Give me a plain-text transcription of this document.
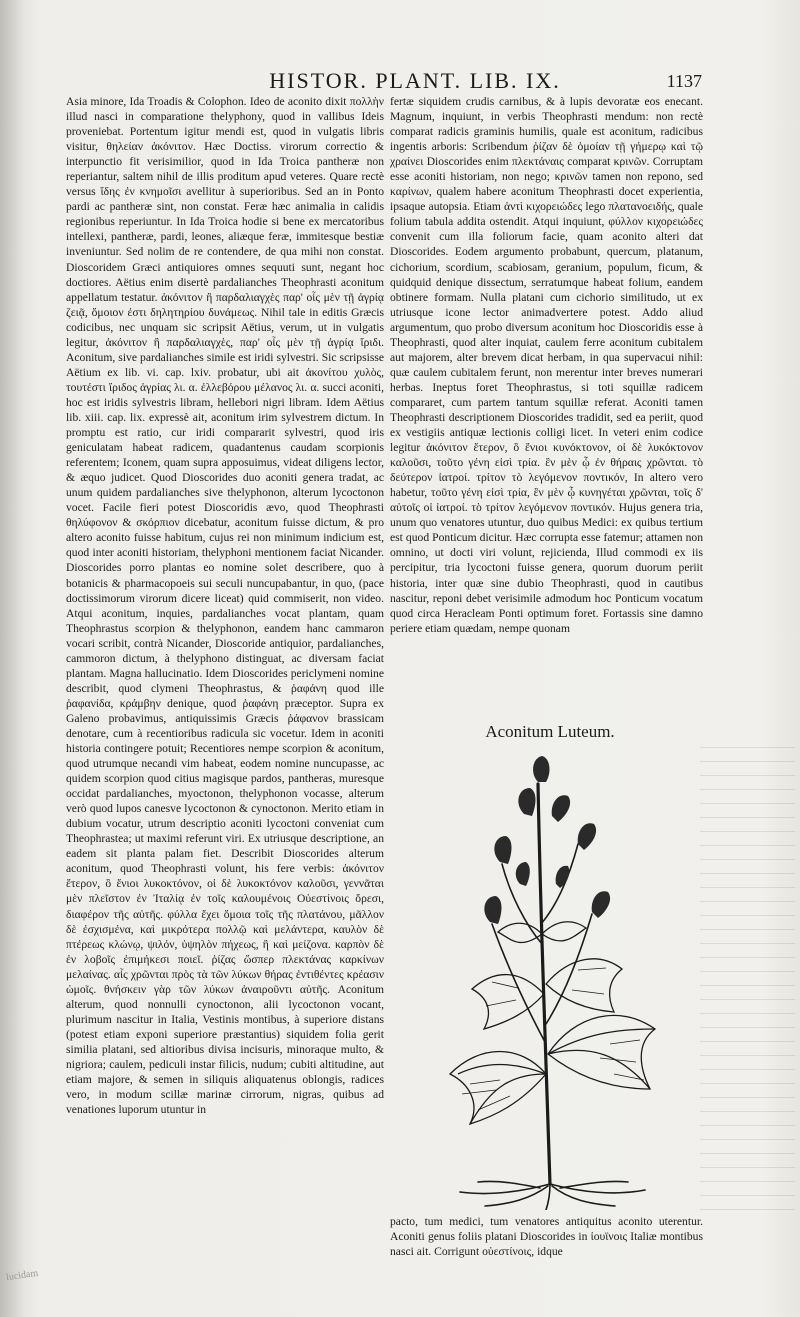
HISTOR. PLANT. LIB. IX.	1137

Asia minore, Ida Troadis & Colophon. Ideo de aconito dixit πολλὴν illud nasci in comparatione thelyphony, quod in vallibus Ideis proveniebat. Portentum igitur mendi est, quod in vulgatis libris visitur, θηλείαν ἀκόνιτον. Hæc Doctiss. virorum correctio & interpunctio fit verisimilior, quod in Ida Troica pantheræ non reperiantur, saltem nihil de illis proditum apud veteres. Quare rectè versus ἴδης ἐν κνημοῖσι avellitur à superioribus. Sed an in Ponto pardi ac pantheræ sint, non constat. Feræ hæc animalia in calidis regionibus reperiuntur. In Ida Troica hodie si bene ex mercatoribus intellexi, pantheræ, pardi, leones, aliæque feræ, immitesque bestiæ inveniuntur. Sed nolim de re contendere, de qua mihi non constat. Dioscoridem Græci antiquiores omnes sequuti sunt, negant hoc doctiores. Aëtius enim disertè pardalianches Theophrasti aconitum appellatum testatur. ἀκόνιτον ἢ παρδαλιαγχὲς παρ' οἷς μὲν τῇ ἀγρίᾳ ζειᾷ, ὅμοιον ἐστι δηλητηρίου δυνάμεως. Nihil tale in editis Græcis codicibus, nec unquam sic scripsit Aëtius, verum, ut in vulgatis legitur, ἀκόνιτον ἢ παρδαλιαγχὲς, παρ' οἷς μὲν τῇ ἀγρίᾳ ἴριδι. Aconitum, sive pardalianches simile est iridi sylvestri. Sic scripsisse Aëtium ex lib. vi. cap. lxiv. probatur, ubi ait ἀκονίτου χυλὸς, τουτέστι ἴριδος ἀγρίας λι. α. ἐλλεβόρου μέλανος λι. α. succi aconiti, hoc est iridis sylvestris libram, hellebori nigri libram. Idem Aëtius lib. xiii. cap. lix. expressè ait, aconitum irim sylvestrem dictum. In promptu est ratio, cur iridi compararit sylvestri, quod iris geniculatam habeat radicem, quadantenus caudam scorpionis referentem; Iconem, quam supra apposuimus, videat diligens lector, & æquo judicet. Quod Dioscorides duo aconiti genera tradat, ac unum quidem pardalianches sive thelyphonon, alterum lycoctonon vocet. Facile fieri potest Dioscoridis ævo, quod Theophrasti θηλύφονον & σκόρπιον dicebatur, aconitum fuisse dictum, & pro altero aconito fuisse habitum, cujus rei non minimum indicium est, quod inter aconiti historiam, thelyphoni mentionem faciat Nicander. Dioscorides porro plantas eo nomine solet describere, quo à botanicis & pharmacopoeis sui seculi nuncupabantur, in quo, (pace doctissimorum virorum dicere liceat) quid commiserit, non video. Atqui aconitum, inquies, pardalianches vocat plantam, quam Theophrastus scorpion & thelyphonon, eandem hanc cammaron vocari scribit, contrà Nicander, Dioscoride antiquior, pardalianches, cammoron dictum, à thelyphono distinguat, ac diversam faciat plantam. Magna hallucinatio. Idem Dioscorides periclymeni nomine describit, quod clymeni Theophrastus, & ῥαφάνη quod ille ῥαφανίδα, κράμβην denique, quod ῥαφάνη præceptor. Supra ex Galeno probavimus, antiquissimis Græcis ῥάφανον brassicam denotare, cum à recentioribus radicula sic vocetur. Idem in aconiti historia contingere potuit; Recentiores nempe scorpion & aconitum, quod utrumque necandi vim habeat, eodem nomine nuncupasse, ac quidem scorpion quod citius magisque pardos, pantheras, muresque occidat pardalianches, myoctonon, thelyphonon vocasse, alterum verò quod lupos canesve lycoctonon & cynoctonon. Merito etiam in dubium vocatur, utrum descriptio aconiti lycoctoni conveniat cum Theophrastea; ut maximi referunt viri. Ex utriusque descriptione, an eadem sit planta palam fiet. Describit Dioscorides alterum aconitum, quod Theophrasti volunt, his fere verbis: ἀκόνιτον ἕτερον, ὃ ἔνιοι λυκοκτόνον, οἱ δὲ λυκοκτόνον καλοῦσι, γεννᾶται μὲν πλεῖστον ἐν Ἰταλίᾳ ἐν τοῖς καλουμένοις Οὐεστίνοις ὄρεσι, διαφέρον τῆς αὐτῆς. φύλλα ἔχει ὅμοια τοῖς τῆς πλατάνου, μᾶλλον δὲ ἐσχισμένα, καὶ μικρότερα πολλῷ καὶ μελάντερα, καυλὸν δὲ πτέρεως κλώνῳ, ψιλόν, ὑψηλὸν πήχεως, ἢ καὶ μείζονα. καρπὸν δὲ ἐν λοβοῖς ἐπιμήκεσι ποιεῖ. ῥίζας ὥσπερ πλεκτάνας καρκίνων μελαίνας. αἷς χρῶνται πρὸς τὰ τῶν λύκων θήρας ἐντιθέντες κρέασιν ὠμοῖς. θνήσκειν γὰρ τῶν λύκων ἀναιροῦντι αὐτῆς. Aconitum alterum, quod nonnulli cynoctonon, alii lycoctonon vocant, plurimum nascitur in Italia, Vestinis montibus, à superiore distans (potest etiam exponi superiore præstantius) siquidem folia gerit similia platani, sed altioribus divisa incisuris, minoraque multo, & nigriora; caulem, pediculi instar filicis, nudum; cubiti altitudine, aut etiam majore, & semen in siliquis aliquatenus oblongis, radices vero, in modum scillæ marinæ cirrorum, nigras, quibus ad venationes luporum utuntur in

fertæ siquidem crudis carnibus, & à lupis devoratæ eos enecant. Magnum, inquiunt, in verbis Theophrasti mendum: non rectè comparat radicis graminis humilis, quale est aconitum, radicibus ingentis arboris: Scribendum ῥίζαν δὲ ὁμοίαν τῇ γήμερῳ καὶ τῷ χραίνει Dioscorides enim πλεκτάναις comparat κρινῶν. Corruptam esse aconiti historiam, non nego; κρινῶν tamen non repono, sed καρίνων, qualem habere aconitum Theophrasti docet experientia, ipsaque autopsia. Etiam ἀντὶ κιχορειώδες lego πλατανοειδής, quale folium tabula addita ostendit. Atqui inquiunt, φύλλον κιχορειώδες convenit cum illa foliorum facie, quam aconito alteri dat Dioscorides. Eodem argumento probabunt, quercum, platanum, cichorium, scordium, scabiosam, geranium, populum, ficum, & quidquid denique dissectum, serratumque habeat folium, eandem obtinere formam. Nulla platani cum cichorio similitudo, ut ex utriusque icone lector animadvertere potest. Addo aliud argumentum, quo probo diversum aconitum hoc Dioscoridis esse à Theophrasti, quod alter inquiat, caulem ferre aconitum cubitalem aut majorem, alter brevem dicat herbam, in qua supervacui nihil: quæ caulem cubitalem ferunt, non merentur inter breves numerari herbas. Ineptus foret Theophrastus, si toti squillæ radicem compararet, cum partem tantum squillæ referat. Aconiti tamen Theophrasti descriptionem Dioscorides tradidit, sed ea periit, quod ex vestigiis antiquæ lectionis colligi licet. In veteri enim codice legitur ἀκόνιτον ἕτερον, ὃ ἔνιοι κυνόκτονον, οἱ δὲ λυκόκτονον καλοῦσι, τοῦτο γένη εἰσὶ τρία. ἓν μὲν ᾧ ἐν θήραις χρῶνται. τὸ δεύτερον ἰατροί. τρίτον τὸ λεγόμενον ποντικόν, In altero vero habetur, τοῦτο γένη εἰσὶ τρία, ἓν μὲν ᾧ κυνηγέται χρῶνται, τοῖς δ' αὐτοῖς οἱ ἰατροί. τὸ τρίτον λεγόμενον ποντικόν. Hujus genera tria, unum quo venatores utuntur, duo quibus Medici: ex quibus tertium est quod Ponticum dicitur. Hæc corrupta esse fatemur; attamen non omnino, ut docti viri volunt, rejicienda, Illud commodi ex iis percipitur, tria lycoctoni fuisse genera, quorum duorum periit historia, inter quæ sine dubio Theophrasti, quod in cautibus nascitur, reponi debet verisimile admodum hoc Ponticum vocatum quod circa Heracleam Ponti optimum foret. Fortassis sine damno periere etiam quædam, nempe quonam

Aconitum Luteum.

pacto, tum medici, tum venatores antiquitus aconito uterentur. Aconiti genus foliis platani Dioscorides in ἰουϊνοις Italiæ montibus nasci ait. Corrigunt οὐεστίνοις, idque

lucidam
